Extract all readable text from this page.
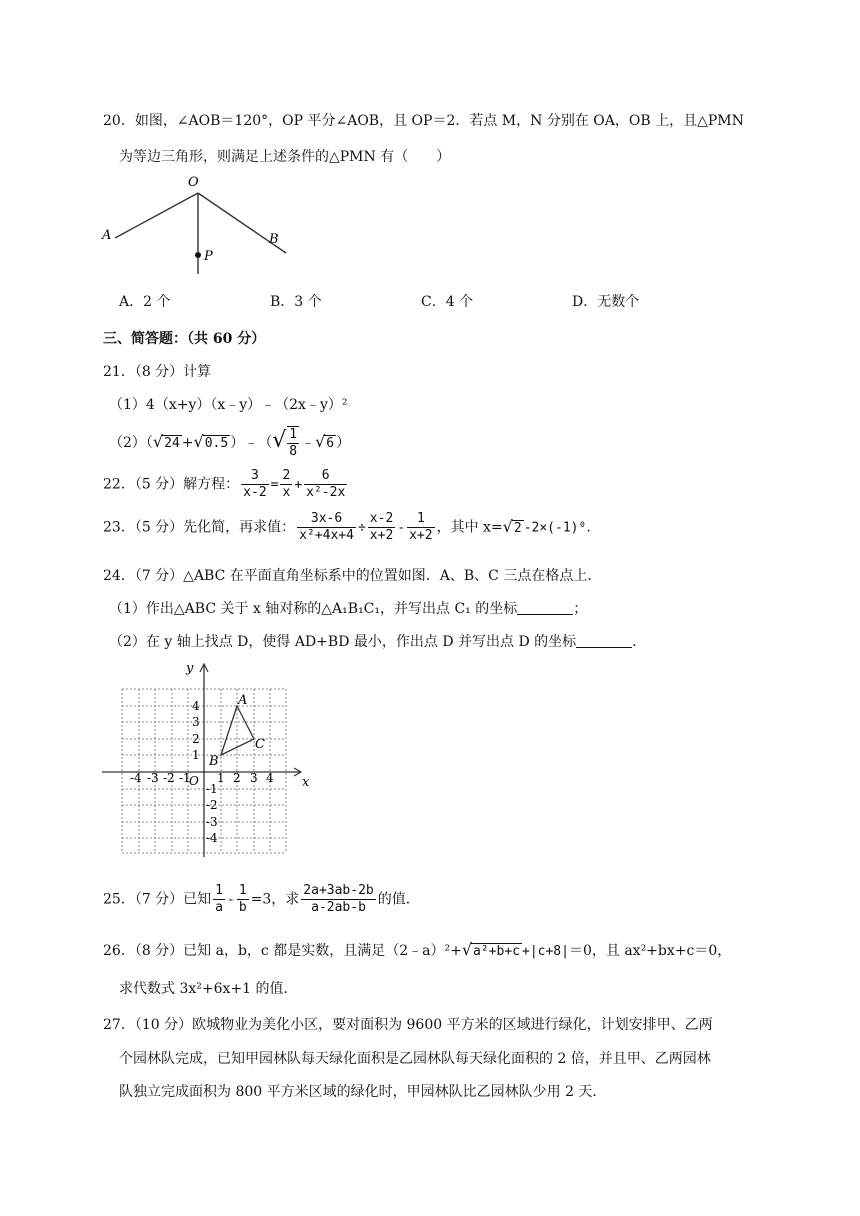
20．如图，∠AOB＝120°，OP 平分∠AOB，且 OP＝2．若点 M，N 分别在 OA，OB 上，且△PMN
为等边三角形，则满足上述条件的△PMN 有（　　）
O
A	B
P
A．2 个	B．3 个	C．4 个	D．无数个
三、简答题：（共 60 分）
21．（8 分）计算
（1）4（x+y）（x﹣y）﹣（2x﹣y）²
（2）（√24 +√0.5 ）﹣（√ $\frac{1}{8}$ ﹣√6 ）
22．（5 分）解方程： $\frac{3}{x-2} = \frac{2}{x} + \frac{6}{\text{x²-2x}}$
23．（5 分）先化简，再求值： $\frac{3x-6}{\text{x²+4x+4}} \div \frac{x-2}{x+2} - \frac{1}{x+2}$ ，其中 x=√2 -2×(-1)⁰.
24．（7 分）△ABC 在平面直角坐标系中的位置如图．A、B、C 三点在格点上．
（1）作出△ABC 关于 x 轴对称的△A₁B₁C₁，并写出点 C₁ 的坐标	；
（2）在 y 轴上找点 D，使得 AD+BD 最小，作出点 D 并写出点 D 的坐标	．
x
y
O
-4 -3 -2 -1 1 2 3 4
4
3
2
1
-1
-2
-3
-4
A
B
C
25．（7 分）已知 $\frac{1}{a} - \frac{1}{b} =3$，求 $\frac{2a+3ab-2b}{a-2ab-b}$ 的值．
26．（8 分）已知 a，b，c 都是实数，且满足（2﹣a）²+√a²+b+c +|c+8|＝0，且 ax²+bx+c＝0，
求代数式 3x²+6x+1 的值．
27．（10 分）欧城物业为美化小区，要对面积为 9600 平方米的区域进行绿化，计划安排甲、乙两
个园林队完成，已知甲园林队每天绿化面积是乙园林队每天绿化面积的 2 倍，并且甲、乙两园林
队独立完成面积为 800 平方米区域的绿化时，甲园林队比乙园林队少用 2 天．
